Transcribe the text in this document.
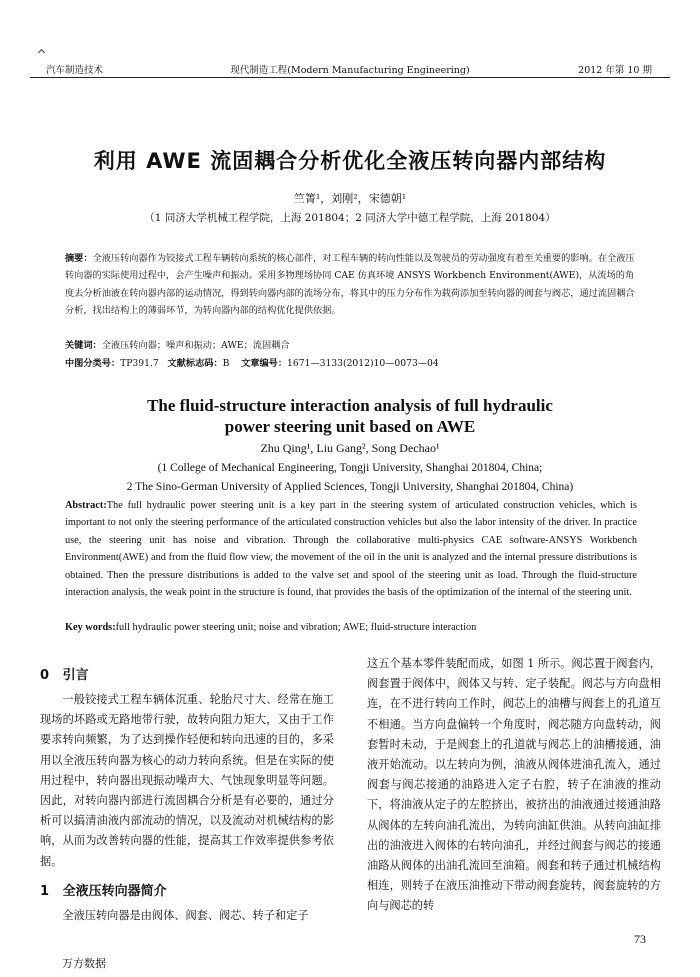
汽车制造技术	现代制造工程(Modern Manufacturing Engineering)	2012 年第 10 期
利用 AWE 流固耦合分析优化全液压转向器内部结构
竺箐¹，刘刚²，宋德朝¹
（1 同济大学机械工程学院，上海 201804；2 同济大学中德工程学院，上海 201804）
摘要：全液压转向器作为铰接式工程车辆转向系统的核心部件，对工程车辆的转向性能以及驾驶员的劳动强度有着至关重要的影响。在全液压转向器的实际使用过程中，会产生噪声和振动。采用多物理场协同 CAE 仿真环境 ANSYS Workbench Environment(AWE)，从流场的角度去分析油液在转向器内部的运动情况，得到转向器内部的流场分布，将其中的压力分布作为载荷添加至转向器的阀套与阀芯，通过流固耦合分析，找出结构上的薄弱环节，为转向器内部的结构优化提供依据。
关键词：全液压转向器；噪声和振动；AWE；流固耦合
中图分类号：TP391.7 文献标志码：B 文章编号：1671—3133(2012)10—0073—04
The fluid-structure interaction analysis of full hydraulic
power steering unit based on AWE
Zhu Qing¹, Liu Gang², Song Dechao¹
(1 College of Mechanical Engineering, Tongji University, Shanghai 201804, China;
2 The Sino-German University of Applied Sciences, Tongji University, Shanghai 201804, China)
Abstract:The full hydraulic power steering unit is a key part in the steering system of articulated construction vehicles, which is important to not only the steering performance of the articulated construction vehicles but also the labor intensity of the driver. In practice use, the steering unit has noise and vibration. Through the collaborative multi-physics CAE software-ANSYS Workbench Environment(AWE) and from the fluid flow view, the movement of the oil in the unit is analyzed and the internal pressure distributions is obtained. Then the pressure distributions is added to the valve set and spool of the steering unit as load. Through the fluid-structure interaction analysis, the weak point in the structure is found, that provides the basis of the optimization of the internal of the steering unit.
Key words:full hydraulic power steering unit; noise and vibration; AWE; fluid-structure interaction
0 引言

一般铰接式工程车辆体沉重、轮胎尺寸大、经常在施工现场的坏路或无路地带行驶，故转向阻力矩大，又由于工作要求转向频繁，为了达到操作轻便和转向迅速的目的，多采用以全液压转向器为核心的动力转向系统。但是在实际的使用过程中，转向器出现振动噪声大、气蚀现象明显等问题。因此，对转向器内部进行流固耦合分析是有必要的，通过分析可以搞清油液内部流动的情况，以及流动对机械结构的影响，从而为改善转向器的性能，提高其工作效率提供参考依据。

1 全液压转向器简介

全液压转向器是由阀体、阀套、阀芯、转子和定子

这五个基本零件装配而成，如图 1 所示。阀芯置于阀套内，阀套置于阀体中，阀体又与转、定子装配。阀芯与方向盘相连，在不进行转向工作时，阀芯上的油槽与阀套上的孔道互不相通。当方向盘偏转一个角度时，阀芯随方向盘转动，阀套暂时未动，于是阀套上的孔道就与阀芯上的油槽接通，油液开始流动。以左转向为例，油液从阀体进油孔流入，通过阀套与阀芯接通的油路进入定子右腔，转子在油液的推动下，将油液从定子的左腔挤出，被挤出的油液通过接通油路从阀体的左转向油孔流出，为转向油缸供油。从转向油缸排出的油液进入阀体的右转向油孔，并经过阀套与阀芯的接通油路从阀体的出油孔流回至油箱。阀套和转子通过机械结构相连，则转子在液压油推动下带动阀套旋转，阀套旋转的方向与阀芯的转

73
万方数据
